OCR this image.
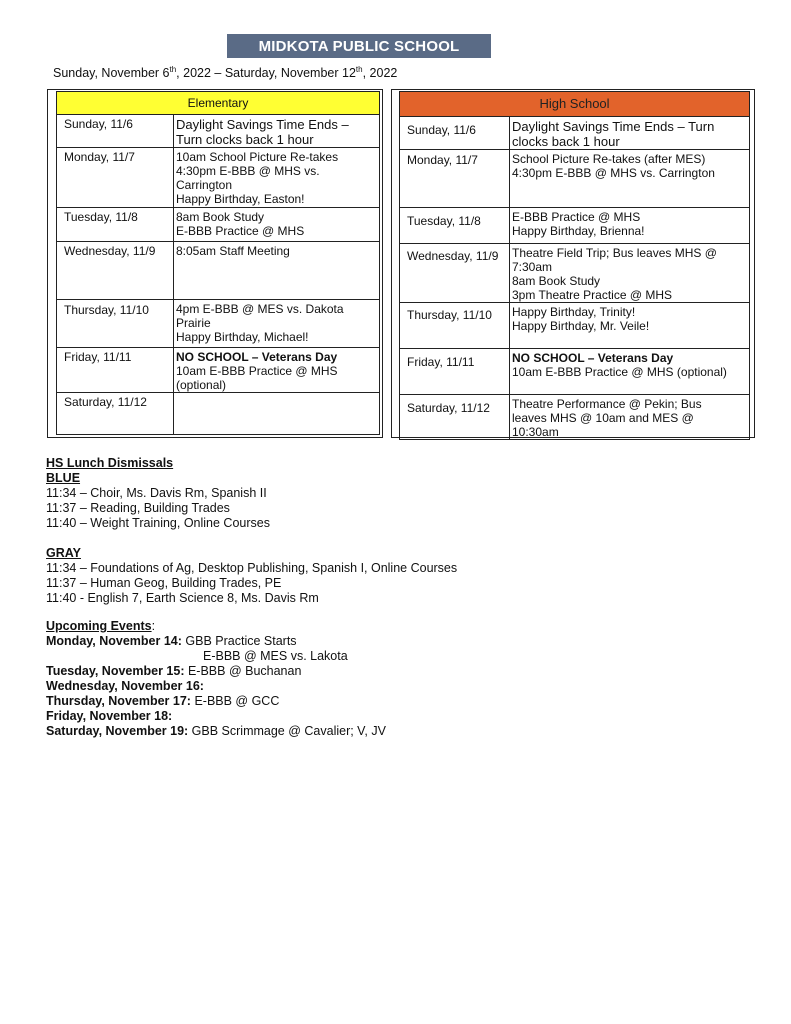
MIDKOTA PUBLIC SCHOOL
Sunday, November 6th, 2022 – Saturday, November 12th, 2022
Elementary	
Sunday, 11/6	Daylight Savings Time Ends –
Turn clocks back 1 hour

Monday, 11/7	10am School Picture Re-takes
4:30pm E-BBB @ MHS vs.
Carrington
Happy Birthday, Easton!

Tuesday, 11/8	8am Book Study
E-BBB Practice @ MHS

Wednesday, 11/9	8:05am Staff Meeting

Thursday, 11/10	4pm E-BBB @ MES vs. Dakota
Prairie
Happy Birthday, Michael!

Friday, 11/11	NO SCHOOL – Veterans Day
10am E-BBB Practice @ MHS
(optional)

Saturday, 11/12	
High School	
Sunday, 11/6	Daylight Savings Time Ends – Turn
clocks back 1 hour

Monday, 11/7	School Picture Re-takes (after MES)
4:30pm E-BBB @ MHS vs. Carrington

Tuesday, 11/8	E-BBB Practice @ MHS
Happy Birthday, Brienna!

Wednesday, 11/9	Theatre Field Trip; Bus leaves MHS @
7:30am
8am Book Study
3pm Theatre Practice @ MHS

Thursday, 11/10	Happy Birthday, Trinity!
Happy Birthday, Mr. Veile!

Friday, 11/11	NO SCHOOL – Veterans Day
10am E-BBB Practice @ MHS (optional)

Saturday, 11/12	Theatre Performance @ Pekin; Bus
leaves MHS @ 10am and MES @
10:30am
HS Lunch Dismissals
BLUE
11:34 – Choir, Ms. Davis Rm, Spanish II
11:37 – Reading, Building Trades
11:40 – Weight Training, Online Courses
GRAY
11:34 – Foundations of Ag, Desktop Publishing, Spanish I, Online Courses
11:37 – Human Geog, Building Trades, PE
11:40 - English 7, Earth Science 8, Ms. Davis Rm
Upcoming Events:
Monday, November 14: GBB Practice Starts
E-BBB @ MES vs. Lakota
Tuesday, November 15: E-BBB @ Buchanan
Wednesday, November 16:
Thursday, November 17: E-BBB @ GCC
Friday, November 18:
Saturday, November 19: GBB Scrimmage @ Cavalier; V, JV
